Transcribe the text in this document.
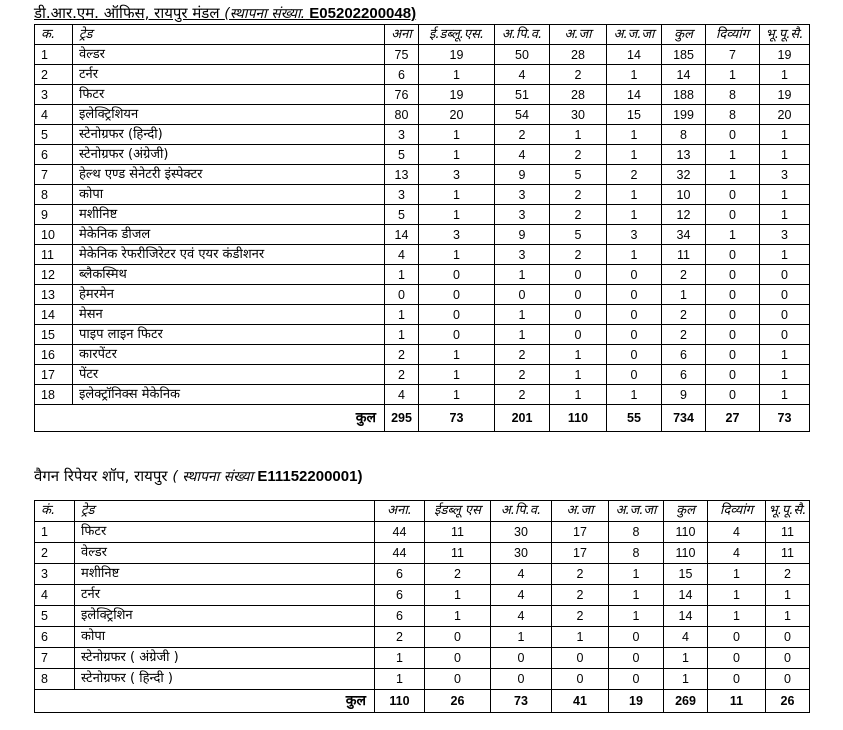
डी.आर.एम. ऑफिस, रायपुर मंडल (स्थापना संख्या. E05202200048)
क.	ट्रेड	अना	ई.डब्लू.एस.	अ.पि.व.	अ.जा	अ.ज.जा	कुल	दिव्यांग	भू.पू.सै.
1	वेल्डर	75	19	50	28	14	185	7	19
2	टर्नर	6	1	4	2	1	14	1	1
3	फिटर	76	19	51	28	14	188	8	19
4	इलेक्ट्रिशियन	80	20	54	30	15	199	8	20
5	स्टेनोग्रफर (हिन्दी)	3	1	2	1	1	8	0	1
6	स्टेनोग्रफर (अंग्रेजी)	5	1	4	2	1	13	1	1
7	हेल्थ एण्ड सेनेटरी इंस्पेक्टर	13	3	9	5	2	32	1	3
8	कोपा	3	1	3	2	1	10	0	1
9	मशीनिष्ट	5	1	3	2	1	12	0	1
10	मेकेनिक डीजल	14	3	9	5	3	34	1	3
11	मेकेनिक रेफरीजिरेटर एवं एयर कंडीशनर	4	1	3	2	1	11	0	1
12	ब्लैकस्मिथ	1	0	1	0	0	2	0	0
13	हेमरमेन	0	0	0	0	0	1	0	0
14	मेसन	1	0	1	0	0	2	0	0
15	पाइप लाइन फिटर	1	0	1	0	0	2	0	0
16	कारपेंटर	2	1	2	1	0	6	0	1
17	पेंटर	2	1	2	1	0	6	0	1
18	इलेक्ट्रॉनिक्स मेकेनिक	4	1	2	1	1	9	0	1
कुल		295	73	201	110	55	734	27	73
वैगन रिपेयर शॉप, रायपुर ( स्थापना संख्या E11152200001)
कं.	ट्रेड	अना.	ईडब्लू एस	अ.पि.व.	अ.जा	अ.ज.जा	कुल	दिव्यांग	भू.पू.सै.
1	फिटर	44	11	30	17	8	110	4	11
2	वेल्डर	44	11	30	17	8	110	4	11
3	मशीनिष्ट	6	2	4	2	1	15	1	2
4	टर्नर	6	1	4	2	1	14	1	1
5	इलेक्ट्रिशिन	6	1	4	2	1	14	1	1
6	कोपा	2	0	1	1	0	4	0	0
7	स्टेनोग्रफर ( अंग्रेजी )	1	0	0	0	0	1	0	0
8	स्टेनोग्रफर ( हिन्दी )	1	0	0	0	0	1	0	0
कुल		110	26	73	41	19	269	11	26
